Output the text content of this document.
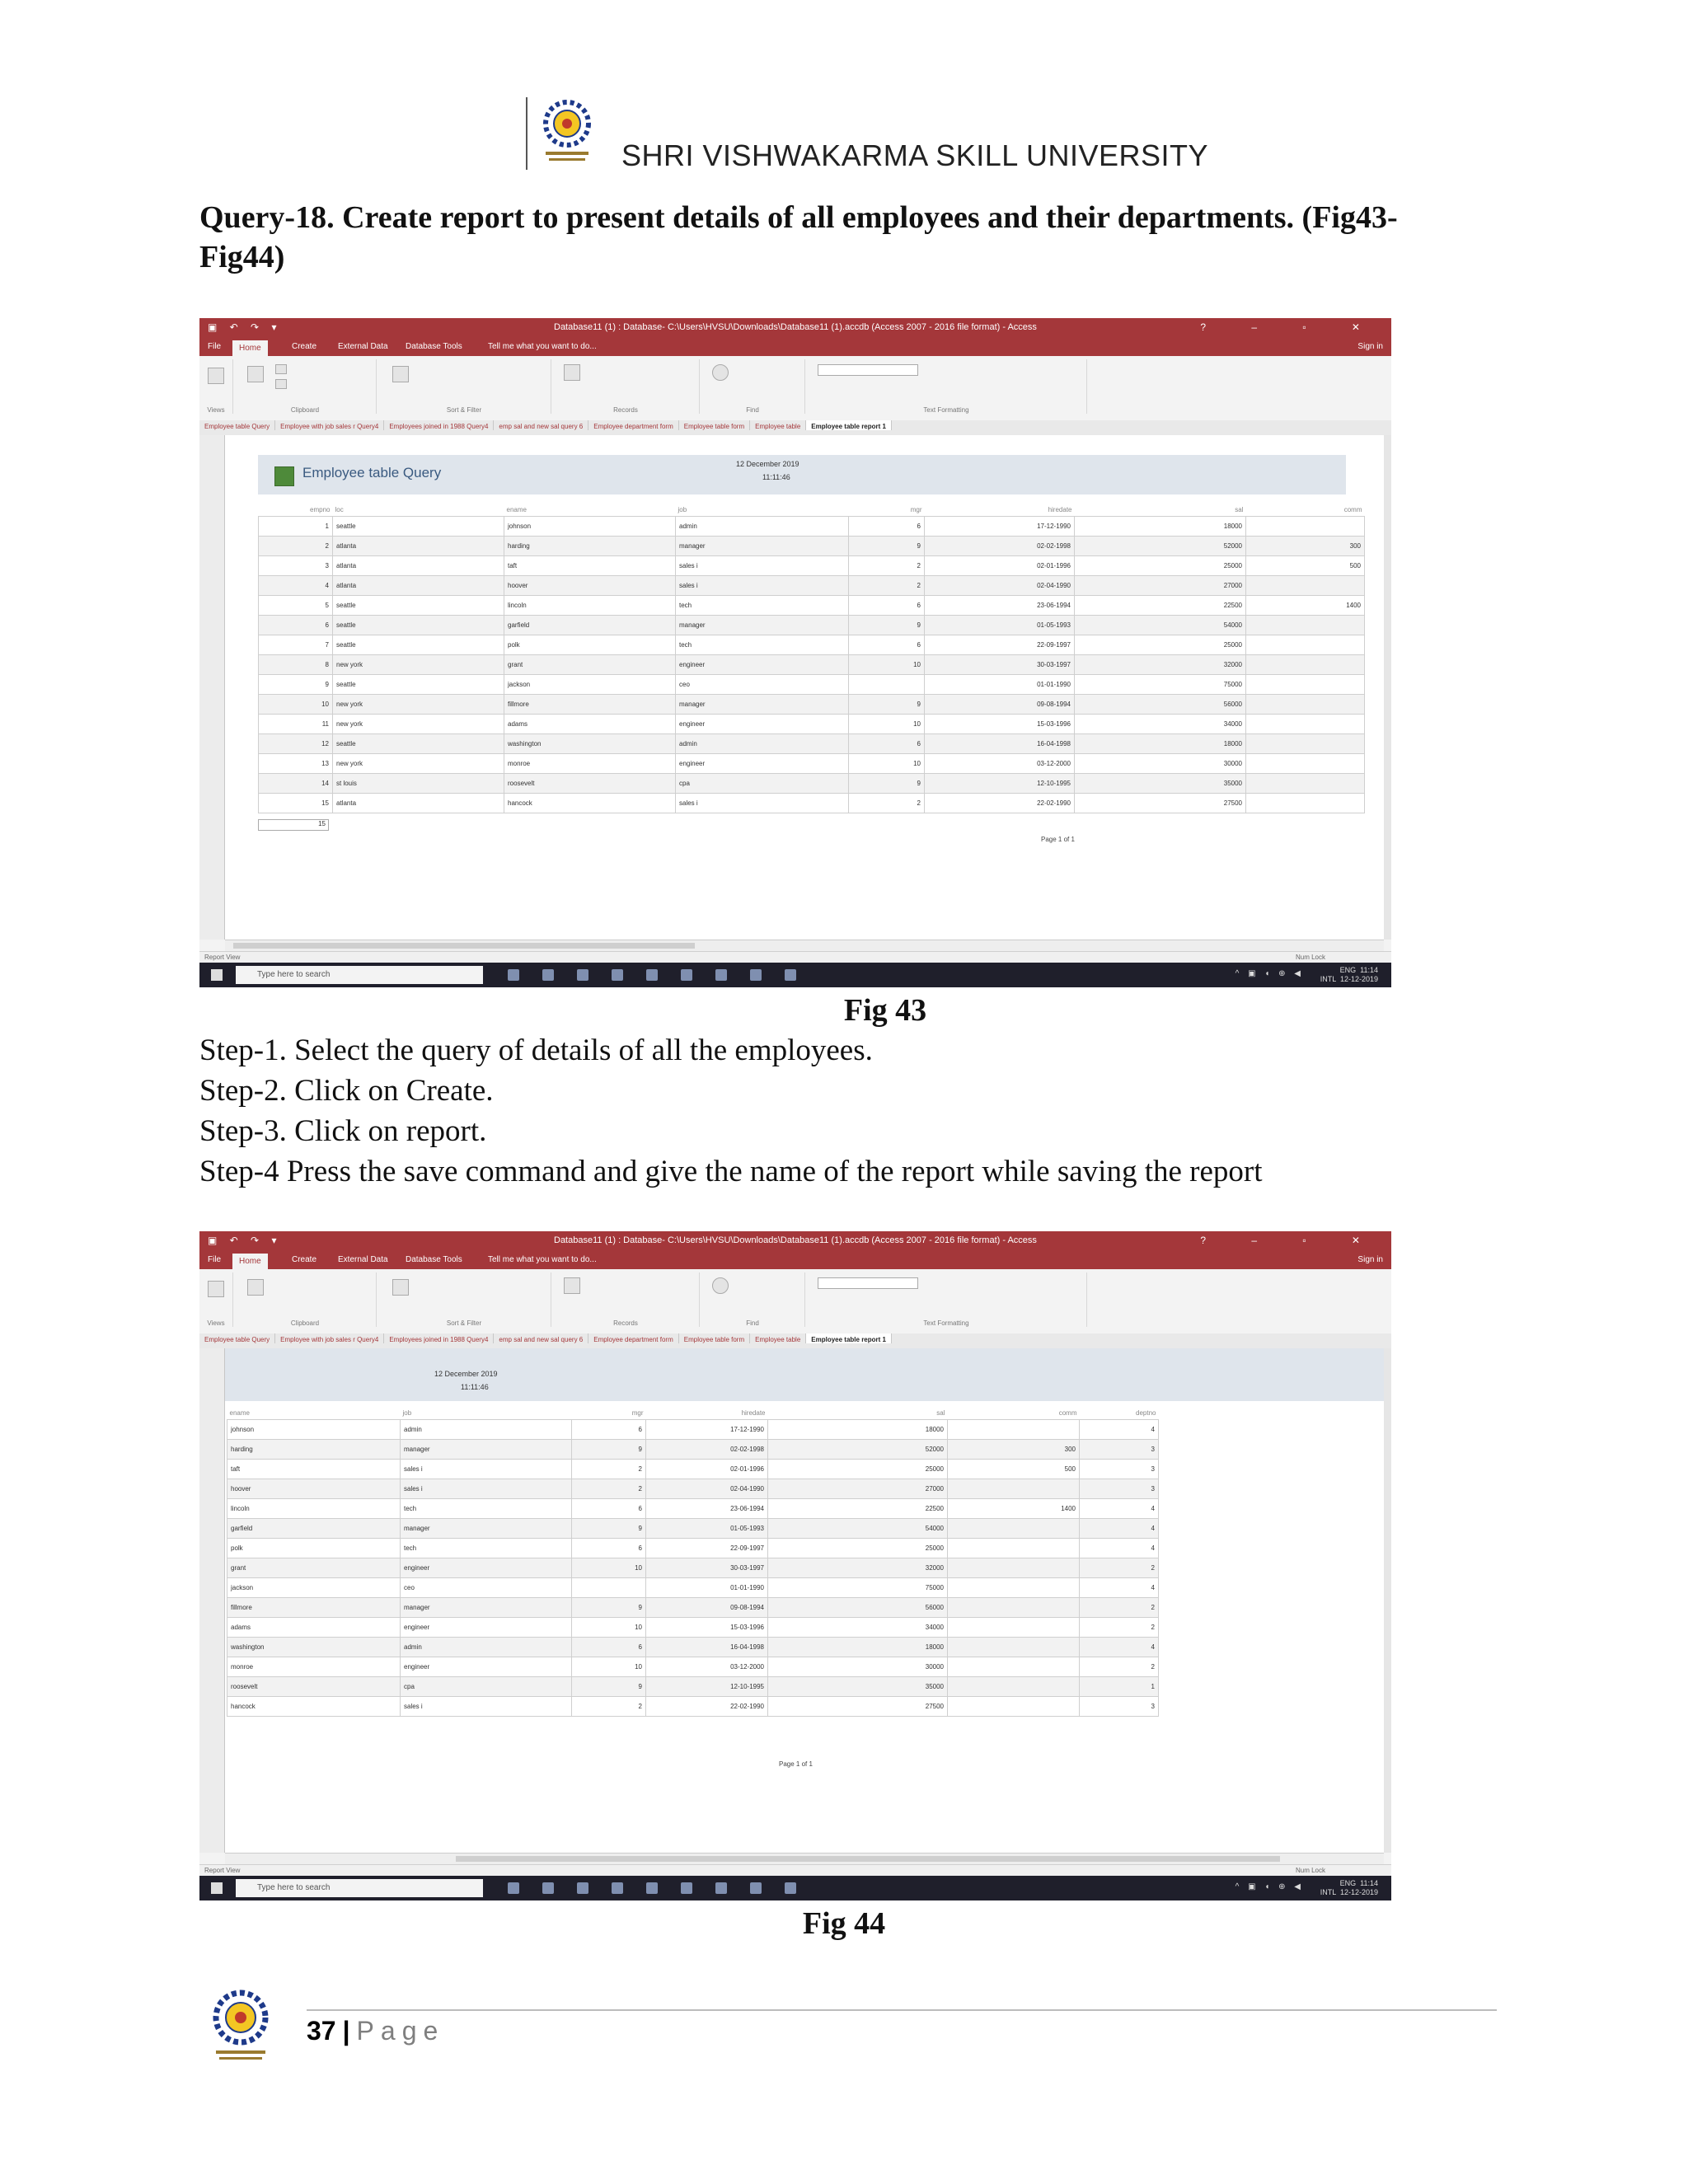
SHRI VISHWAKARMA SKILL UNIVERSITY
Query-18. Create report to present details of all employees and their departments. (Fig43-Fig44)
▣ ↶ ↷ ▾	Database11 (1) : Database- C:\Users\HVSU\Downloads\Database11 (1).accdb (Access 2007 - 2016 file format) - Access	? – ▫ ✕
File	Home	Create	External Data Database Tools	Tell me what you want to do...	Sign in
Views	Clipboard	Sort & Filter	Records	Find	Text Formatting
Employee table Query Employee with job sales r Query4 Employees joined in 1988 Query4 emp sal and new sal query 6 Employee department form Employee table form Employee table Employee table report 1
Employee table Query
12 December 2019
11:11:46
empno	loc	ename	job	mgr	hiredate	sal	comm
1	seattle	johnson	admin	6	17-12-1990	18000	
2	atlanta	harding	manager	9	02-02-1998	52000	300
3	atlanta	taft	sales i	2	02-01-1996	25000	500
4	atlanta	hoover	sales i	2	02-04-1990	27000	
5	seattle	lincoln	tech	6	23-06-1994	22500	1400
6	seattle	garfield	manager	9	01-05-1993	54000	
7	seattle	polk	tech	6	22-09-1997	25000	
8	new york	grant	engineer	10	30-03-1997	32000	
9	seattle	jackson	ceo		01-01-1990	75000	
10	new york	fillmore	manager	9	09-08-1994	56000	
11	new york	adams	engineer	10	15-03-1996	34000	
12	seattle	washington	admin	6	16-04-1998	18000	
13	new york	monroe	engineer	10	03-12-2000	30000	
14	st louis	roosevelt	cpa	9	12-10-1995	35000	
15	atlanta	hancock	sales i	2	22-02-1990	27500	
15
Page 1 of 1
Report View	Num Lock
Type here to search	^ ▣ ◖ ⊕ ◀	ENG 11:14
INTL 12-12-2019
Fig 43
Step-1. Select the query of details of all the employees.
Step-2. Click on Create.
Step-3. Click on report.
Step-4 Press the save command and give the name of the report while saving the report
▣ ↶ ↷ ▾	Database11 (1) : Database- C:\Users\HVSU\Downloads\Database11 (1).accdb (Access 2007 - 2016 file format) - Access	? – ▫ ✕
File	Home	Create	External Data Database Tools	Tell me what you want to do...	Sign in
Views	Clipboard	Sort & Filter	Records	Find	Text Formatting
Employee table Query Employee with job sales r Query4 Employees joined in 1988 Query4 emp sal and new sal query 6 Employee department form Employee table form Employee table Employee table report 1
12 December 2019
11:11:46
ename	job	mgr	hiredate	sal	comm	deptno
johnson	admin	6	17-12-1990	18000		4
harding	manager	9	02-02-1998	52000	300	3
taft	sales i	2	02-01-1996	25000	500	3
hoover	sales i	2	02-04-1990	27000		3
lincoln	tech	6	23-06-1994	22500	1400	4
garfield	manager	9	01-05-1993	54000		4
polk	tech	6	22-09-1997	25000		4
grant	engineer	10	30-03-1997	32000		2
jackson	ceo		01-01-1990	75000		4
fillmore	manager	9	09-08-1994	56000		2
adams	engineer	10	15-03-1996	34000		2
washington	admin	6	16-04-1998	18000		4
monroe	engineer	10	03-12-2000	30000		2
roosevelt	cpa	9	12-10-1995	35000		1
hancock	sales i	2	22-02-1990	27500		3
Page 1 of 1
Report View	Num Lock
Type here to search	^ ▣ ◖ ⊕ ◀	ENG 11:14
INTL 12-12-2019
Fig 44
37 | Page
